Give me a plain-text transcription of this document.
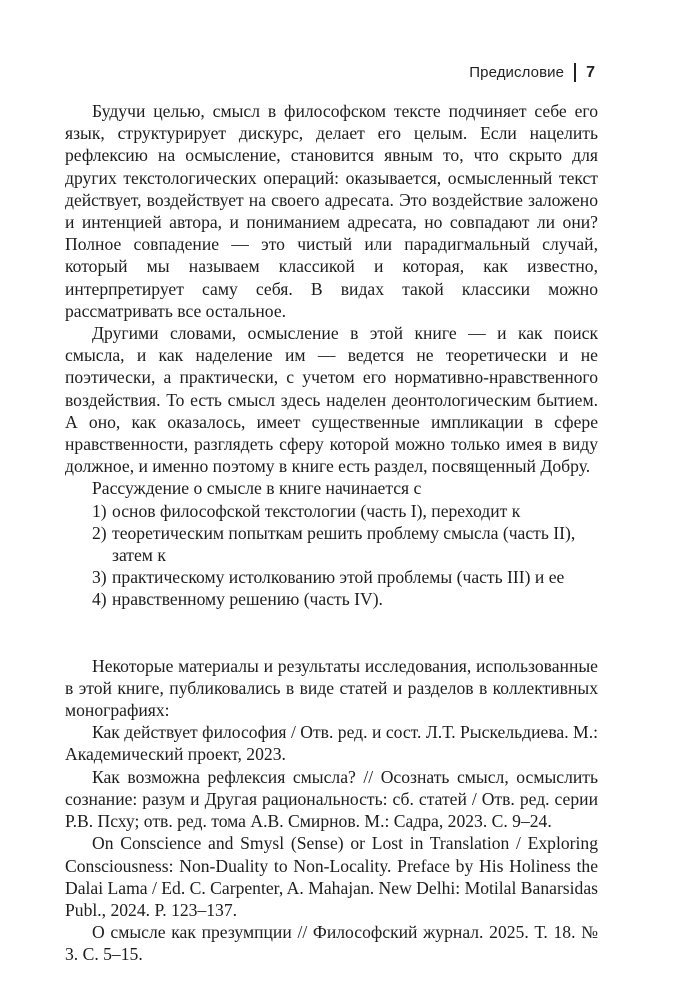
Предисловие 7

Будучи целью, смысл в философском тексте подчиняет себе его язык, структурирует дискурс, делает его целым. Если нацелить рефлексию на осмысление, становится явным то, что скрыто для других текстологических операций: оказывается, осмысленный текст действует, воздействует на своего адресата. Это воздействие заложено и интенцией автора, и пониманием адресата, но совпадают ли они? Полное совпадение — это чистый или парадигмальный случай, который мы называем классикой и которая, как известно, интерпретирует саму себя. В видах такой классики можно рассматривать все остальное.

Другими словами, осмысление в этой книге — и как поиск смысла, и как наделение им — ведется не теоретически и не поэтически, а практически, с учетом его нормативно-нравственного воздействия. То есть смысл здесь наделен деонтологическим бытием. А оно, как оказалось, имеет существенные импликации в сфере нравственности, разглядеть сферу которой можно только имея в виду должное, и именно поэтому в книге есть раздел, посвященный Добру.

Рассуждение о смысле в книге начинается с

1) основ философской текстологии (часть I), переходит к
2) теоретическим попыткам решить проблему смысла (часть II), затем к
3) практическому истолкованию этой проблемы (часть III) и ее
4) нравственному решению (часть IV).

Некоторые материалы и результаты исследования, использованные в этой книге, публиковались в виде статей и разделов в коллективных монографиях:

Как действует философия / Отв. ред. и сост. Л.Т. Рыскельдиева. М.: Академический проект, 2023.

Как возможна рефлексия смысла? // Осознать смысл, осмыслить сознание: разум и Другая рациональность: сб. статей / Отв. ред. серии Р.В. Псху; отв. ред. тома А.В. Смирнов. М.: Садра, 2023. С. 9–24.

On Conscience and Smysl (Sense) or Lost in Translation / Exploring Consciousness: Non-Duality to Non-Locality. Preface by His Holiness the Dalai Lama / Ed. C. Carpenter, A. Mahajan. New Delhi: Motilal Banarsidas Publ., 2024. P. 123–137.

О смысле как презумпции // Философский журнал. 2025. Т. 18. № 3. С. 5–15.
